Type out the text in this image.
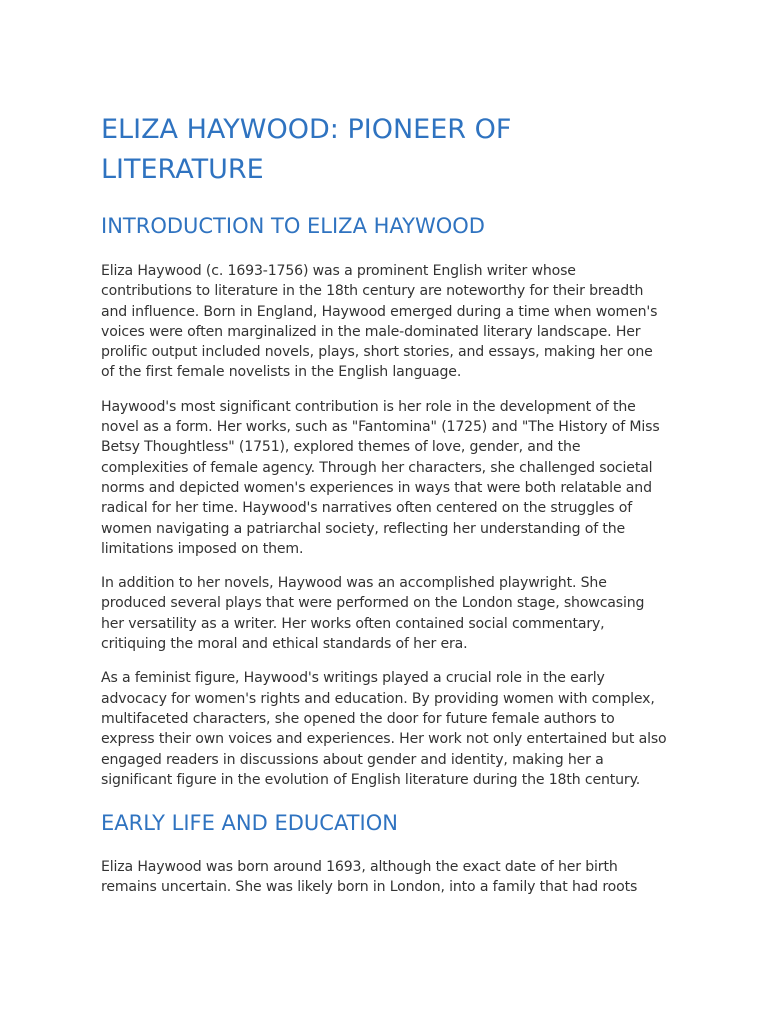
ELIZA HAYWOOD: PIONEER OF LITERATURE
INTRODUCTION TO ELIZA HAYWOOD

Eliza Haywood (c. 1693-1756) was a prominent English writer whose contributions to literature in the 18th century are noteworthy for their breadth and influence. Born in England, Haywood emerged during a time when women's voices were often marginalized in the male-dominated literary landscape. Her prolific output included novels, plays, short stories, and essays, making her one of the first female novelists in the English language.

Haywood's most significant contribution is her role in the development of the novel as a form. Her works, such as "Fantomina" (1725) and "The History of Miss Betsy Thoughtless" (1751), explored themes of love, gender, and the complexities of female agency. Through her characters, she challenged societal norms and depicted women's experiences in ways that were both relatable and radical for her time. Haywood's narratives often centered on the struggles of women navigating a patriarchal society, reflecting her understanding of the limitations imposed on them.

In addition to her novels, Haywood was an accomplished playwright. She produced several plays that were performed on the London stage, showcasing her versatility as a writer. Her works often contained social commentary, critiquing the moral and ethical standards of her era.

As a feminist figure, Haywood's writings played a crucial role in the early advocacy for women's rights and education. By providing women with complex, multifaceted characters, she opened the door for future female authors to express their own voices and experiences. Her work not only entertained but also engaged readers in discussions about gender and identity, making her a significant figure in the evolution of English literature during the 18th century.

EARLY LIFE AND EDUCATION

Eliza Haywood was born around 1693, although the exact date of her birth remains uncertain. She was likely born in London, into a family that had roots
